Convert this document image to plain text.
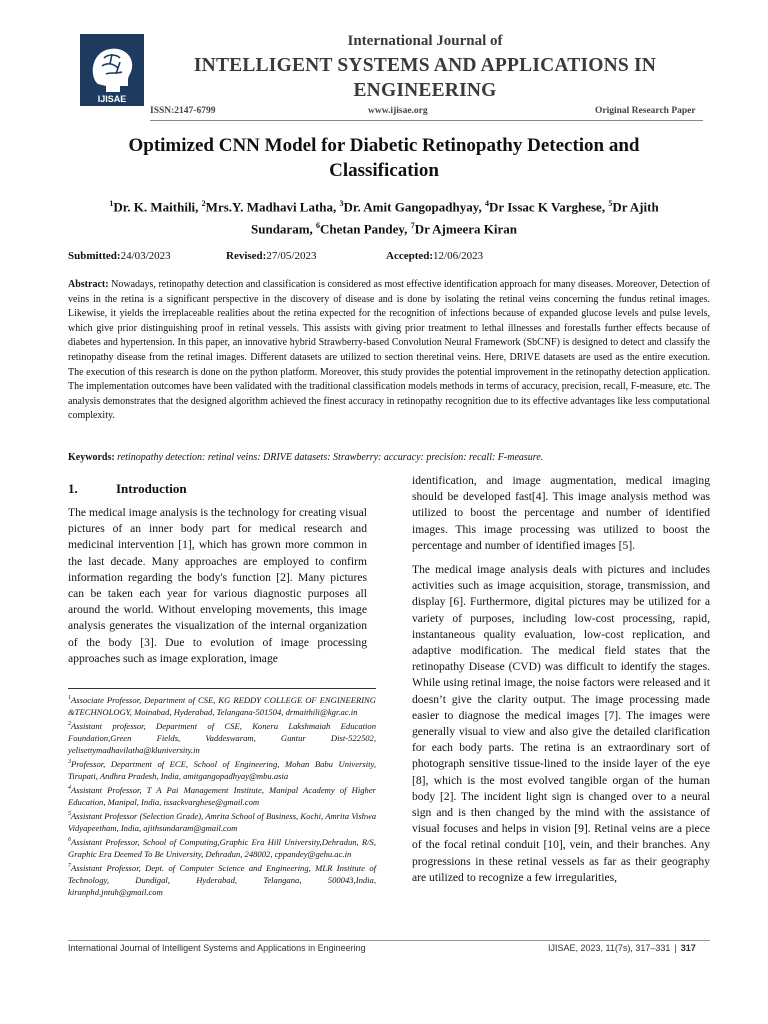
IJISAE
International Journal of
INTELLIGENT SYSTEMS AND APPLICATIONS IN ENGINEERING
ISSN:2147-6799	www.ijisae.org	Original Research Paper
Optimized CNN Model for Diabetic Retinopathy Detection and Classification
$^1$Dr. K. Maithili, $^2$Mrs.Y. Madhavi Latha, $^3$Dr. Amit Gangopadhyay, $^4$Dr Issac K Varghese, $^5$Dr Ajith Sundaram, $^6$Chetan Pandey, $^7$Dr Ajmeera Kiran
Submitted:24/03/2023	Revised:27/05/2023	Accepted:12/06/2023
Abstract: Nowadays, retinopathy detection and classification is considered as most effective identification approach for many diseases. Moreover, Detection of veins in the retina is a significant perspective in the discovery of disease and is done by isolating the retinal veins concerning the fundus retinal images. Likewise, it yields the irreplaceable realities about the retina expected for the recognition of infections because of expanded glucose levels and pulse levels, which give prior distinguishing proof in retinal vessels. This assists with giving prior treatment to lethal illnesses and forestalls further effects because of diabetes and hypertension. In this paper, an innovative hybrid Strawberry-based Convolution Neural Framework (SbCNF) is designed to detect and classify the retinopathy disease from the retinal images. Different datasets are utilized to section theretinal veins. Here, DRIVE datasets are used as the entire execution. The execution of this research is done on the python platform. Moreover, this study provides the potential improvement in the retinopathy detection application. The implementation outcomes have been validated with the traditional classification models methods in terms of accuracy, precision, recall, F-measure, etc. The analysis demonstrates that the designed algorithm achieved the finest accuracy in retinopathy recognition due to its effective advantages like less computational complexity.
Keywords: retinopathy detection: retinal veins: DRIVE datasets: Strawberry: accuracy: precision: recall: F-measure.
1.	Introduction
The medical image analysis is the technology for creating visual pictures of an inner body part for medical research and medicinal intervention [1], which has grown more common in the last decade. Many approaches are employed to confirm information regarding the body's function [2]. Many pictures can be taken each year for various diagnostic purposes all around the world. Without enveloping movements, this image analysis generates the visualization of the internal organization of the body [3]. Due to evolution of image processing approaches such as image exploration, image

$^1$Associate Professor, Department of CSE, KG REDDY COLLEGE OF ENGINEERING &TECHNOLOGY, Moinabad, Hyderabad, Telangana-501504, drmaithili@kgr.ac.in

$^2$Assistant professor, Department of CSE, Koneru Lakshmaiah Education Foundation,Green Fields, Vaddeswaram, Guntur Dist-522502, yelisettymadhavilatha@kluniversity.in

$^3$Professor, Department of ECE, School of Engineering, Mohan Babu University, Tirupati, Andhra Pradesh, India, amitgangopadhyay@mbu.asia

$^4$Assistant Professor, T A Pai Management Institute, Manipal Academy of Higher Education, Manipal, India, issackvarghese@gmail.com

$^5$Assistant Professor (Selection Grade), Amrita School of Business, Kochi, Amrita Vishwa Vidyapeetham, India, ajithsundaram@gmail.com

$^6$Assistant Professor, School of Computing,Graphic Era Hill University,Dehradun, R/S, Graphic Era Deemed To Be University, Dehradun, 248002, cppandey@gehu.ac.in

$^7$Assistant Professor, Dept. of Computer Science and Engineering, MLR Institute of Technology, Dundigal, Hyderabad, Telangana, 500043,India, kiranphd.jntuh@gmail.com

identification, and image augmentation, medical imaging should be developed fast[4]. This image analysis method was utilized to boost the percentage and number of identified images. This image processing was utilized to boost the percentage and number of identified images [5].

The medical image analysis deals with pictures and includes activities such as image acquisition, storage, transmission, and display [6]. Furthermore, digital pictures may be utilized for a variety of purposes, including low-cost processing, rapid, instantaneous quality evaluation, low-cost replication, and adaptive modification. The medical field states that the retinopathy Disease (CVD) was difficult to identify the stages. While using retinal image, the noise factors were released and it doesn’t give the clarity output. The image processing made easier to diagnose the medical images [7]. The images were generally visual to view and also give the detailed clarification for each body parts. The retina is an extraordinary sort of photograph sensitive tissue-lined to the inside layer of the eye [8], which is the most evolved tangible organ of the human body [2]. The incident light sign is changed over to a neural sign and is then changed by the mind with the assistance of visual focuses and helps in vision [9]. Retinal veins are a piece of the focal retinal conduit [10], vein, and their branches. Any progressions in these retinal vessels as far as their geography are utilized to recognize a few irregularities,

International Journal of Intelligent Systems and Applications in Engineering	IJISAE, 2023, 11(7s), 317–331 | 317
